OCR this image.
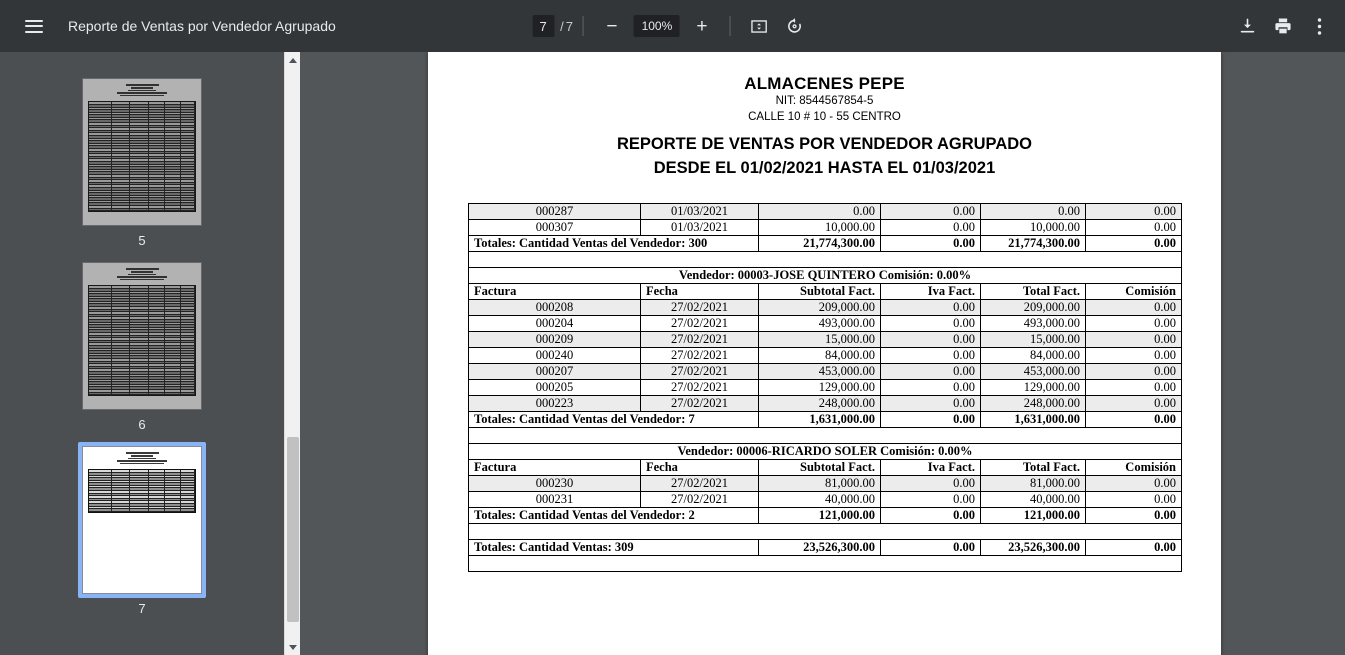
Reporte de Ventas por Vendedor Agrupado
7	/ 7 −	100%	+
5
6
7
ALMACENES PEPE
NIT: 8544567854-5
CALLE 10 # 10 - 55 CENTRO
REPORTE DE VENTAS POR VENDEDOR AGRUPADO
DESDE EL 01/02/2021 HASTA EL 01/03/2021
000287	01/03/2021	0.00	0.00	0.00	0.00
000307	01/03/2021	10,000.00	0.00	10,000.00	0.00
Totales: Cantidad Ventas del Vendedor: 300		21,774,300.00	0.00	21,774,300.00	0.00

Vendedor: 00003-JOSE QUINTERO Comisión: 0.00%					
Factura	Fecha	Subtotal Fact.	Iva Fact.	Total Fact.	Comisión
000208	27/02/2021	209,000.00	0.00	209,000.00	0.00
000204	27/02/2021	493,000.00	0.00	493,000.00	0.00
000209	27/02/2021	15,000.00	0.00	15,000.00	0.00
000240	27/02/2021	84,000.00	0.00	84,000.00	0.00
000207	27/02/2021	453,000.00	0.00	453,000.00	0.00
000205	27/02/2021	129,000.00	0.00	129,000.00	0.00
000223	27/02/2021	248,000.00	0.00	248,000.00	0.00
Totales: Cantidad Ventas del Vendedor: 7		1,631,000.00	0.00	1,631,000.00	0.00

Vendedor: 00006-RICARDO SOLER Comisión: 0.00%					
Factura	Fecha	Subtotal Fact.	Iva Fact.	Total Fact.	Comisión
000230	27/02/2021	81,000.00	0.00	81,000.00	0.00
000231	27/02/2021	40,000.00	0.00	40,000.00	0.00
Totales: Cantidad Ventas del Vendedor: 2		121,000.00	0.00	121,000.00	0.00

Totales: Cantidad Ventas: 309		23,526,300.00	0.00	23,526,300.00	0.00
